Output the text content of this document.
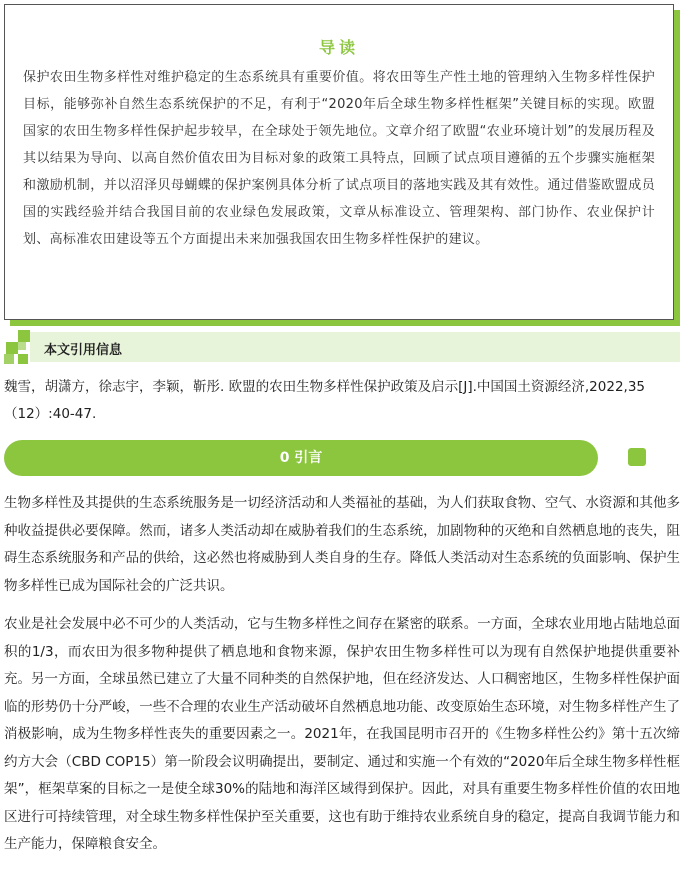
导读
保护农田生物多样性对维护稳定的生态系统具有重要价值。将农田等生产性土地的管理纳入生物多样性保护目标，能够弥补自然生态系统保护的不足，有利于“2020年后全球生物多样性框架”关键目标的实现。欧盟国家的农田生物多样性保护起步较早，在全球处于领先地位。文章介绍了欧盟“农业环境计划”的发展历程及其以结果为导向、以高自然价值农田为目标对象的政策工具特点，回顾了试点项目遵循的五个步骤实施框架和激励机制，并以沼泽贝母蝴蝶的保护案例具体分析了试点项目的落地实践及其有效性。通过借鉴欧盟成员国的实践经验并结合我国目前的农业绿色发展政策，文章从标准设立、管理架构、部门协作、农业保护计划、高标准农田建设等五个方面提出未来加强我国农田生物多样性保护的建议。
本文引用信息
魏雪，胡潇方，徐志宇，李颖，靳彤. 欧盟的农田生物多样性保护政策及启示[J].中国国土资源经济,2022,35（12）:40-47.
0 引言
生物多样性及其提供的生态系统服务是一切经济活动和人类福祉的基础，为人们获取食物、空气、水资源和其他多种收益提供必要保障。然而，诸多人类活动却在威胁着我们的生态系统，加剧物种的灭绝和自然栖息地的丧失，阻碍生态系统服务和产品的供给，这必然也将威胁到人类自身的生存。降低人类活动对生态系统的负面影响、保护生物多样性已成为国际社会的广泛共识。
农业是社会发展中必不可少的人类活动，它与生物多样性之间存在紧密的联系。一方面，全球农业用地占陆地总面积的1/3，而农田为很多物种提供了栖息地和食物来源，保护农田生物多样性可以为现有自然保护地提供重要补充。另一方面，全球虽然已建立了大量不同种类的自然保护地，但在经济发达、人口稠密地区，生物多样性保护面临的形势仍十分严峻，一些不合理的农业生产活动破坏自然栖息地功能、改变原始生态环境，对生物多样性产生了消极影响，成为生物多样性丧失的重要因素之一。2021年，在我国昆明市召开的《生物多样性公约》第十五次缔约方大会（CBD COP15）第一阶段会议明确提出，要制定、通过和实施一个有效的“2020年后全球生物多样性框架”，框架草案的目标之一是使全球30%的陆地和海洋区域得到保护。因此，对具有重要生物多样性价值的农田地区进行可持续管理，对全球生物多样性保护至关重要，这也有助于维持农业系统自身的稳定，提高自我调节能力和生产能力，保障粮食安全。
